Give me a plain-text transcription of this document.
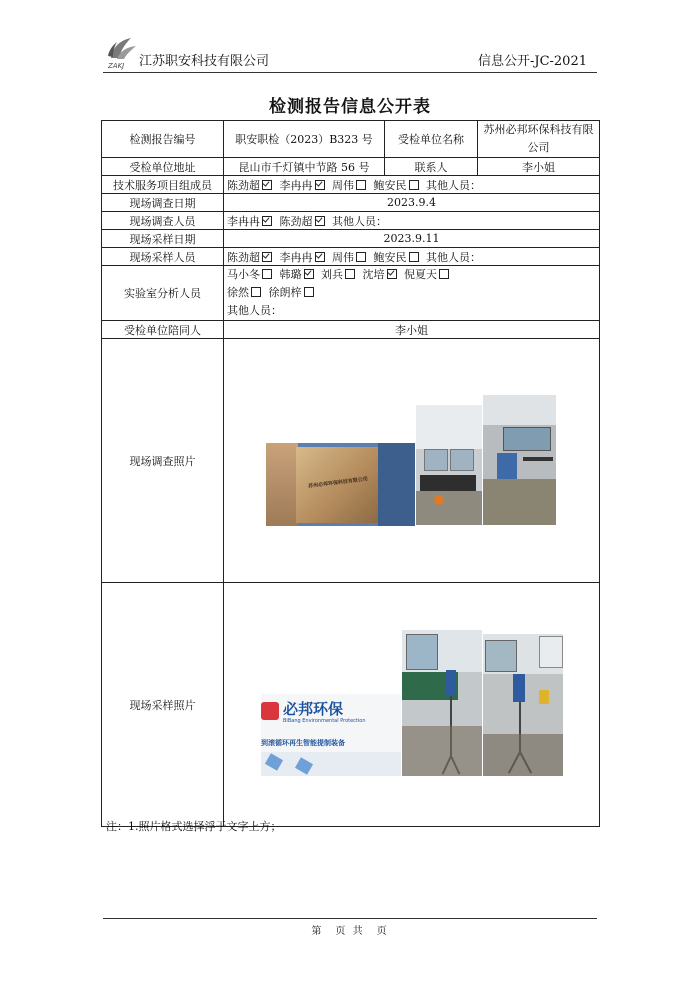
ZAKJ 江苏职安科技有限公司	信息公开-JC-2021
检测报告信息公开表
检测报告编号	职安职检（2023）B323 号	受检单位名称	苏州必邦环保科技有限公司
受检单位地址	昆山市千灯镇中节路 56 号	联系人	李小姐
技术服务项目组成员	陈劲超  李冉冉  周伟  鲍安民  其他人员：		
现场调查日期	2023.9.4		
现场调查人员	李冉冉  陈劲超  其他人员：		
现场采样日期	2023.9.11		
现场采样人员	陈劲超  李冉冉  周伟  鲍安民  其他人员：		
实验室分析人员	马小冬  韩璐  刘兵  沈培  倪夏天 
徐然  徐朗梓 
其他人员：		
受检单位陪同人	李小姐		
现场调查照片	苏州必邦环保科技有限公司		

现场采样照片	必邦环保
BiBang Environmental Protection
到滚循环再生智能提制装备		
注：1.照片格式选择浮于文字上方；
第　页 共　页
